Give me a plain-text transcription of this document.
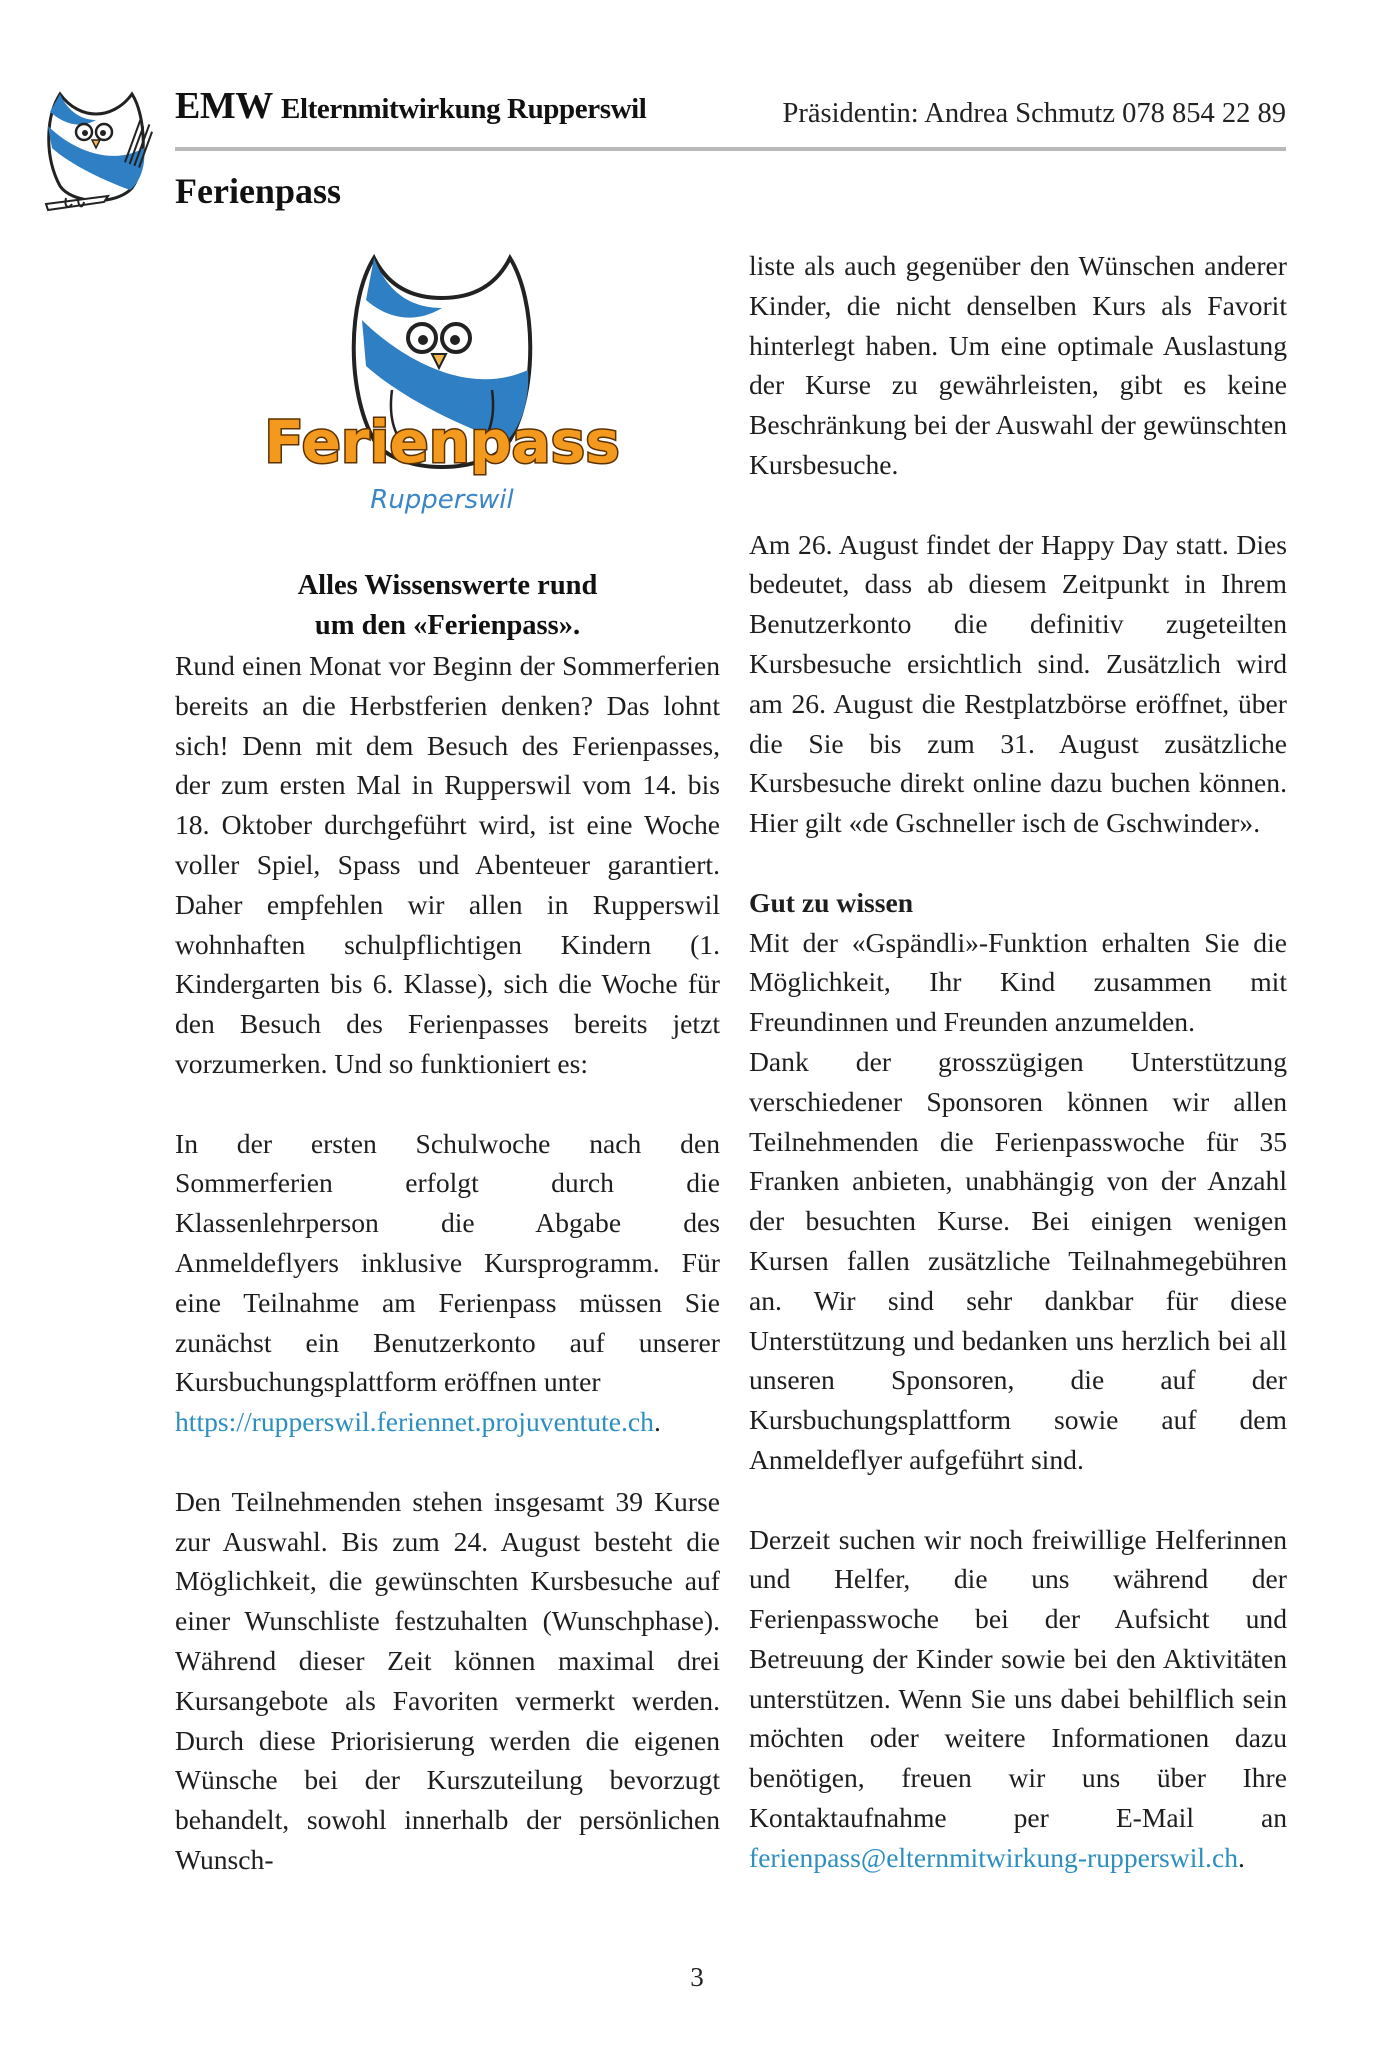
EMW Elternmitwirkung Rupperswil	Präsidentin: Andrea Schmutz 078 854 22 89
Ferienpass
Ferienpass
Rupperswil
Alles Wissenswerte rund
um den «Ferienpass».

Rund einen Monat vor Beginn der Sommerferien bereits an die Herbstferien denken? Das lohnt sich! Denn mit dem Besuch des Ferienpasses, der zum ersten Mal in Rupperswil vom 14. bis 18. Oktober durchgeführt wird, ist eine Woche voller Spiel, Spass und Abenteuer garantiert. Daher empfehlen wir allen in Rupperswil wohnhaften schulpflichtigen Kindern (1. Kindergarten bis 6. Klasse), sich die Woche für den Besuch des Ferienpasses bereits jetzt vorzumerken. Und so funktioniert es:

In der ersten Schulwoche nach den Sommerferien erfolgt durch die Klassenlehrperson die Abgabe des Anmeldeflyers inklusive Kursprogramm. Für eine Teilnahme am Ferienpass müssen Sie zunächst ein Benutzerkonto auf unserer Kursbuchungsplattform eröffnen unter
https://rupperswil.feriennet.projuventute.ch.

Den Teilnehmenden stehen insgesamt 39 Kurse zur Auswahl. Bis zum 24. August besteht die Möglichkeit, die gewünschten Kursbesuche auf einer Wunschliste festzuhalten (Wunschphase). Während dieser Zeit können maximal drei Kursangebote als Favoriten vermerkt werden. Durch diese Priorisierung werden die eigenen Wünsche bei der Kurszuteilung bevorzugt behandelt, sowohl innerhalb der persönlichen Wunsch-

liste als auch gegenüber den Wünschen anderer Kinder, die nicht denselben Kurs als Favorit hinterlegt haben. Um eine optimale Auslastung der Kurse zu gewährleisten, gibt es keine Beschränkung bei der Auswahl der gewünschten Kursbesuche.

Am 26. August findet der Happy Day statt. Dies bedeutet, dass ab diesem Zeitpunkt in Ihrem Benutzerkonto die definitiv zugeteilten Kursbesuche ersichtlich sind. Zusätzlich wird am 26. August die Restplatzbörse eröffnet, über die Sie bis zum 31. August zusätzliche Kursbesuche direkt online dazu buchen können. Hier gilt «de Gschneller isch de Gschwinder».

Gut zu wissen

Mit der «Gspändli»-Funktion erhalten Sie die Möglichkeit, Ihr Kind zusammen mit Freundinnen und Freunden anzumelden.

Dank der grosszügigen Unterstützung verschiedener Sponsoren können wir allen Teilnehmenden die Ferienpasswoche für 35 Franken anbieten, unabhängig von der Anzahl der besuchten Kurse. Bei einigen wenigen Kursen fallen zusätzliche Teilnahmegebühren an. Wir sind sehr dankbar für diese Unterstützung und bedanken uns herzlich bei all unseren Sponsoren, die auf der Kursbuchungsplattform sowie auf dem Anmeldeflyer aufgeführt sind.

Derzeit suchen wir noch freiwillige Helferinnen und Helfer, die uns während der Ferienpasswoche bei der Aufsicht und Betreuung der Kinder sowie bei den Aktivitäten unterstützen. Wenn Sie uns dabei behilflich sein möchten oder weitere Informationen dazu benötigen, freuen wir uns über Ihre Kontaktaufnahme per E-Mail an ferienpass@elternmitwirkung-rupperswil.ch.

3
